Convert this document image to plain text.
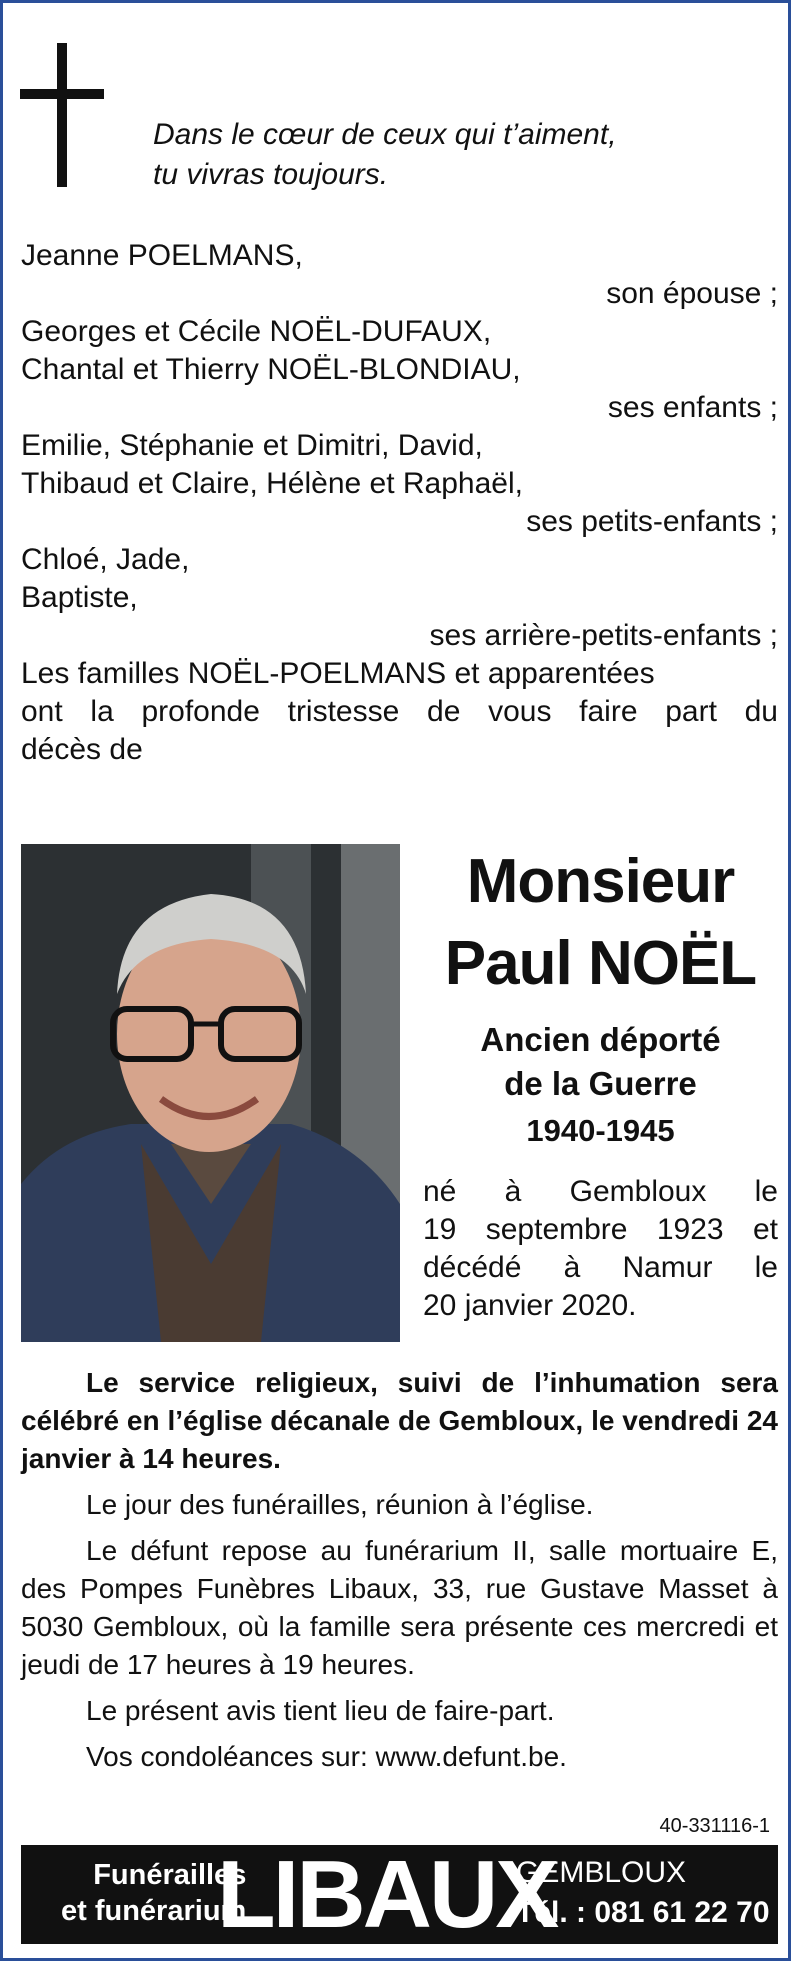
Dans le cœur de ceux qui t’aiment,
tu vivras toujours.
Jeanne POELMANS,
son épouse ;
Georges et Cécile NOËL-DUFAUX,
Chantal et Thierry NOËL-BLONDIAU,
ses enfants ;
Emilie, Stéphanie et Dimitri, David,
Thibaud et Claire, Hélène et Raphaël,
ses petits-enfants ;
Chloé, Jade,
Baptiste,
ses arrière-petits-enfants ;
Les familles NOËL-POELMANS et apparentées
ont la profonde tristesse de vous faire part du
décès de
Monsieur
Paul NOËL
Ancien déporté
de la Guerre
1940-1945
né à Gembloux le
19 septembre 1923 et
décédé à Namur le
20 janvier 2020.

Le service religieux, suivi de l’inhumation sera célébré en l’église décanale de Gembloux, le vendredi 24 janvier à 14 heures.

Le jour des funérailles, réunion à l’église.

Le défunt repose au funérarium II, salle mortuaire E, des Pompes Funèbres Libaux, 33, rue Gustave Masset à 5030 Gembloux, où la famille sera présente ces mercredi et jeudi de 17 heures à 19 heures.

Le présent avis tient lieu de faire-part.

Vos condoléances sur: www.defunt.be.

40-331116-1
Funérailles
et funérarium
LIBAUX
GEMBLOUX
Tél. : 081 61 22 70
